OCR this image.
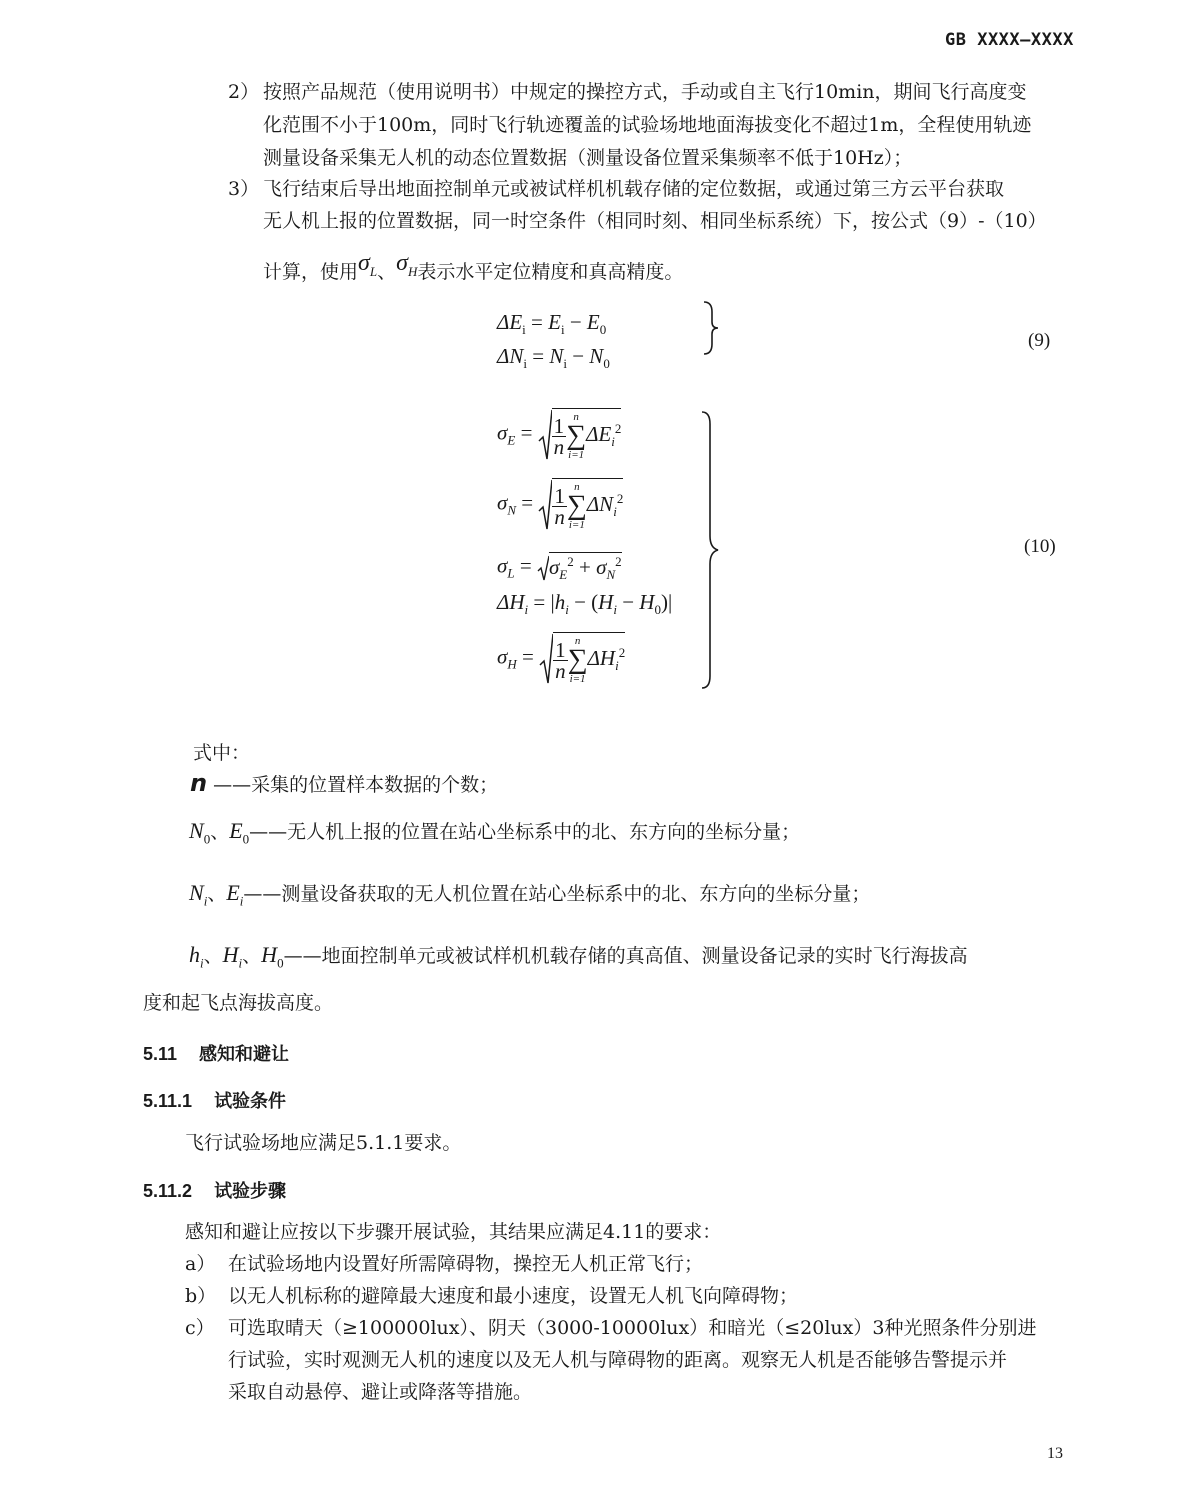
GB XXXX—XXXX
2） 按照产品规范（使用说明书）中规定的操控方式，手动或自主飞行10min，期间飞行高度变
化范围不小于100m，同时飞行轨迹覆盖的试验场地地面海拔变化不超过1m，全程使用轨迹
测量设备采集无人机的动态位置数据（测量设备位置采集频率不低于10Hz）；
3） 飞行结束后导出地面控制单元或被试样机机载存储的定位数据，或通过第三方云平台获取
无人机上报的位置数据，同一时空条件（相同时刻、相同坐标系统）下，按公式（9）-（10）
计算，使用$\sigma_L$、$\sigma_H$表示水平定位精度和真高精度。
$\Delta E_i = E_i - E_0$
$\Delta N_i = N_i - N_0$
(9)
$\sigma_E = \frac{1}{n}$ n
∑
i=1
$\Delta E_i^2$
$\sigma_N = \frac{1}{n}$ n
∑
i=1
$\Delta N_i^2$
$\sigma_L = \sigma_E^2 + \sigma_N^2$
$\Delta H_i = |h_i - (H_i - H_0)|$
$\sigma_H = \frac{1}{n}$ n
∑
i=1
$\Delta H_i^2$
(10)
式中：
n ——采集的位置样本数据的个数；
$N_0$、$E_0——$无人机上报的位置在站心坐标系中的北、东方向的坐标分量；
$N_i$、$E_i——$测量设备获取的无人机位置在站心坐标系中的北、东方向的坐标分量；
$h_i$、$H_i$、$H_0——$地面控制单元或被试样机机载存储的真高值、测量设备记录的实时飞行海拔高
度和起飞点海拔高度。
5.11 感知和避让
5.11.1 试验条件
飞行试验场地应满足5.1.1要求。
5.11.2 试验步骤
感知和避让应按以下步骤开展试验，其结果应满足4.11的要求：
a） 在试验场地内设置好所需障碍物，操控无人机正常飞行；
b） 以无人机标称的避障最大速度和最小速度，设置无人机飞向障碍物；
c） 可选取晴天（≥100000lux）、阴天（3000-10000lux）和暗光（≤20lux）3种光照条件分别进
行试验，实时观测无人机的速度以及无人机与障碍物的距离。观察无人机是否能够告警提示并
采取自动悬停、避让或降落等措施。
13
